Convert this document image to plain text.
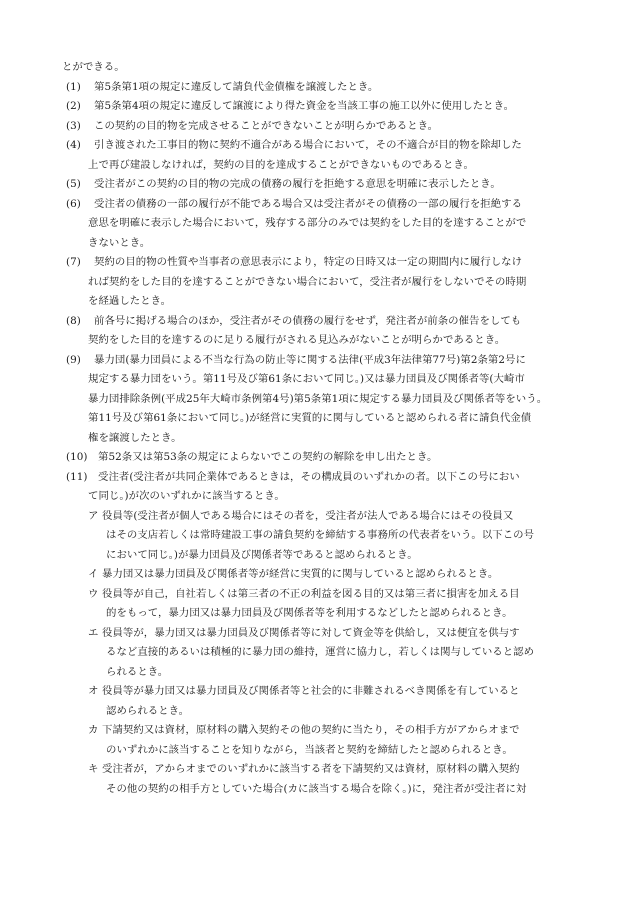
とができる。
(1) 第5条第1項の規定に違反して請負代金債権を譲渡したとき。
(2) 第5条第4項の規定に違反して譲渡により得た資金を当該工事の施工以外に使用したとき。
(3) この契約の目的物を完成させることができないことが明らかであるとき。
(4) 引き渡された工事目的物に契約不適合がある場合において，その不適合が目的物を除却した
上で再び建設しなければ，契約の目的を達成することができないものであるとき。
(5) 受注者がこの契約の目的物の完成の債務の履行を拒絶する意思を明確に表示したとき。
(6) 受注者の債務の一部の履行が不能である場合又は受注者がその債務の一部の履行を拒絶する
意思を明確に表示した場合において，残存する部分のみでは契約をした目的を達することがで
きないとき。
(7) 契約の目的物の性質や当事者の意思表示により，特定の日時又は一定の期間内に履行しなけ
れば契約をした目的を達することができない場合において，受注者が履行をしないでその時期
を経過したとき。
(8) 前各号に掲げる場合のほか，受注者がその債務の履行をせず，発注者が前条の催告をしても
契約をした目的を達するのに足りる履行がされる見込みがないことが明らかであるとき。
(9) 暴力団(暴力団員による不当な行為の防止等に関する法律(平成3年法律第77号)第2条第2号に
規定する暴力団をいう。第11号及び第61条において同じ。)又は暴力団員及び関係者等(大崎市
暴力団排除条例(平成25年大崎市条例第4号)第5条第1項に規定する暴力団員及び関係者等をいう。
第11号及び第61条において同じ。)が経営に実質的に関与していると認められる者に請負代金債
権を譲渡したとき。
(10) 第52条又は第53条の規定によらないでこの契約の解除を申し出たとき。
(11) 受注者(受注者が共同企業体であるときは，その構成員のいずれかの者。以下この号におい
て同じ。)が次のいずれかに該当するとき。
ア 役員等(受注者が個人である場合にはその者を，受注者が法人である場合にはその役員又
はその支店若しくは常時建設工事の請負契約を締結する事務所の代表者をいう。以下この号
において同じ。)が暴力団員及び関係者等であると認められるとき。
イ 暴力団又は暴力団員及び関係者等が経営に実質的に関与していると認められるとき。
ウ 役員等が自己，自社若しくは第三者の不正の利益を図る目的又は第三者に損害を加える目
的をもって，暴力団又は暴力団員及び関係者等を利用するなどしたと認められるとき。
エ 役員等が，暴力団又は暴力団員及び関係者等に対して資金等を供給し，又は便宜を供与す
るなど直接的あるいは積極的に暴力団の維持，運営に協力し，若しくは関与していると認め
られるとき。
オ 役員等が暴力団又は暴力団員及び関係者等と社会的に非難されるべき関係を有していると
認められるとき。
カ 下請契約又は資材，原材料の購入契約その他の契約に当たり，その相手方がアからオまで
のいずれかに該当することを知りながら，当該者と契約を締結したと認められるとき。
キ 受注者が，アからオまでのいずれかに該当する者を下請契約又は資材，原材料の購入契約
その他の契約の相手方としていた場合(カに該当する場合を除く。)に，発注者が受注者に対
